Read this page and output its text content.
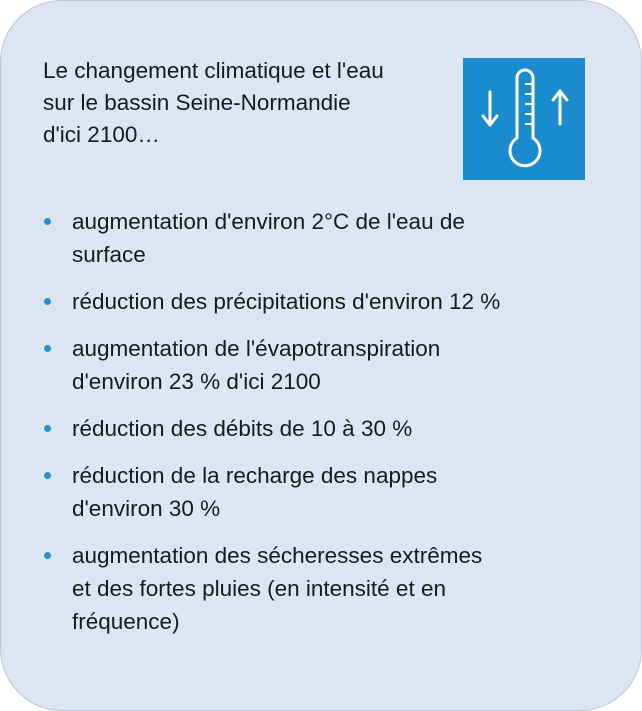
Le changement climatique et l'eau
sur le bassin Seine-Normandie
d'ici 2100…

augmentation d'environ 2°C de l'eau de
surface
réduction des précipitations d'environ 12 %
augmentation de l'évapotranspiration
d'environ 23 % d'ici 2100
réduction des débits de 10 à 30 %
réduction de la recharge des nappes
d'environ 30 %
augmentation des sécheresses extrêmes
et des fortes pluies (en intensité et en
fréquence)
